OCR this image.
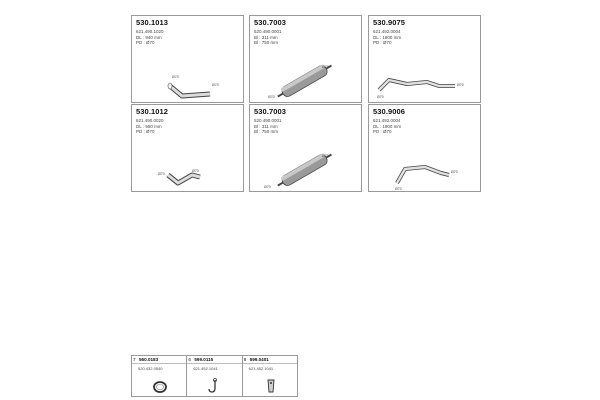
530.1013
621.490.1020
DL : 940 mm
PD : Ø70
Ø70
Ø70
530.7003
520.490.0001
Bl : 311 mm
Bl : 750 mm
Ø70
Ø70
530.9075
621.492.0004
DL : 1800 mm
PD : Ø70
Ø70
Ø70
530.1012
621.490.0020
DL : 950 mm
PD : Ø70
Ø70
Ø70
530.7003
520.490.0001
Bl : 311 mm
Bl : 750 mm
Ø70
Ø70
530.9006
621.492.0004
DL : 1800 mm
PD : Ø70
Ø70
Ø70
7 560.0183
520.432.0540
6 599.0115
621.452.1041
8 599.0401
621.452.1041
